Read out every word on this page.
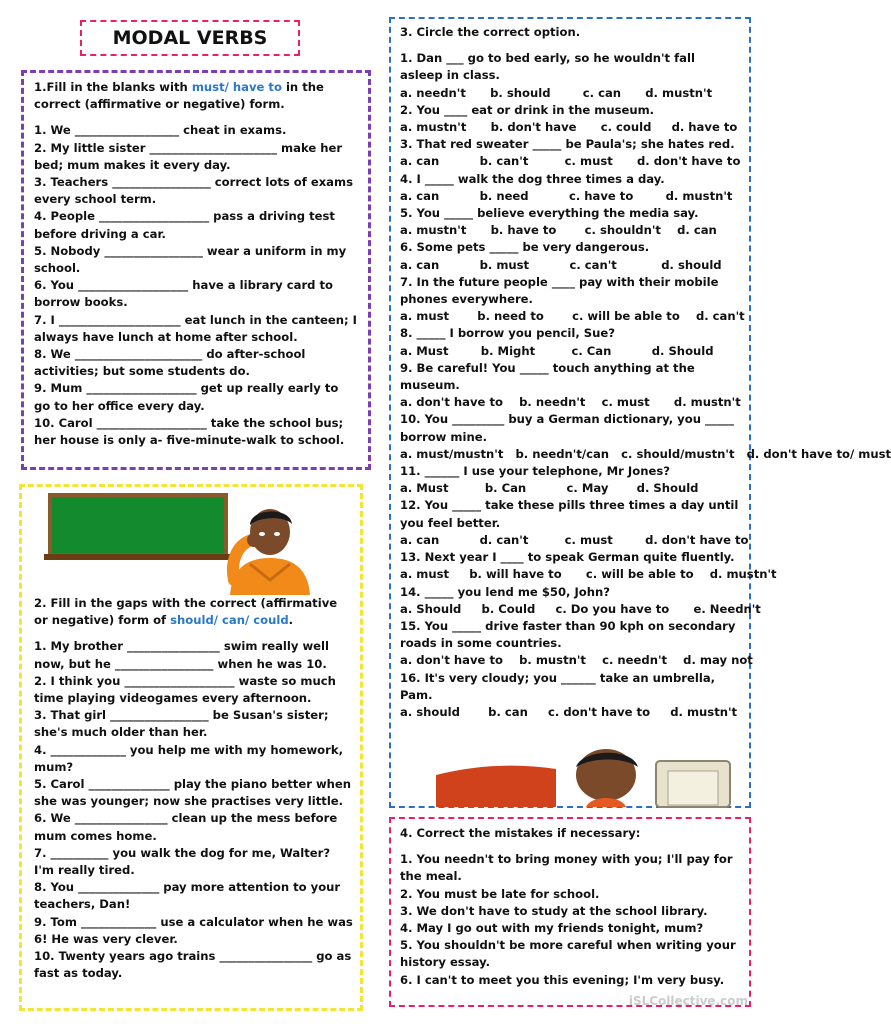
MODAL VERBS

1.Fill in the blanks with must/ have to in the correct (affirmative or negative) form.

1. We __________________ cheat in exams.

2. My little sister ______________________ make her bed; mum makes it every day.

3. Teachers _________________ correct lots of exams every school term.

4. People ___________________ pass a driving test before driving a car.

5. Nobody _________________ wear a uniform in my school.

6. You ___________________ have a library card to borrow books.

7. I _____________________ eat lunch in the canteen; I always have lunch at home after school.

8. We ______________________ do after-school activities; but some students do.

9. Mum ___________________ get up really early to go to her office every day.

10. Carol ___________________ take the school bus; her house is only a- five-minute-walk to school.

2. Fill in the gaps with the correct (affirmative or negative) form of should/ can/ could.

1. My brother ________________ swim really well now, but he _________________ when he was 10.

2. I think you ___________________ waste so much time playing videogames every afternoon.

3. That girl _________________ be Susan's sister; she's much older than her.

4. _____________ you help me with my homework, mum?

5. Carol ______________ play the piano better when she was younger; now she practises very little.

6. We ________________ clean up the mess before mum comes home.

7. __________ you walk the dog for me, Walter? I'm really tired.

8. You ______________ pay more attention to your teachers, Dan!

9. Tom _____________ use a calculator when he was 6! He was very clever.

10. Twenty years ago trains ________________ go as fast as today.

3. Circle the correct option.

1. Dan ___ go to bed early, so he wouldn't fall asleep in class.

a. needn't      b. should        c. can      d. mustn't

2. You ____ eat or drink in the museum.

a. mustn't      b. don't have      c. could     d. have to

3. That red sweater _____ be Paula's; she hates red.

a. can          b. can't         c. must      d. don't have to

4. I _____ walk the dog three times a day.

a. can          b. need          c. have to        d. mustn't

5. You _____ believe everything the media say.

a. mustn't      b. have to       c. shouldn't    d. can

6. Some pets _____ be very dangerous.

a. can          b. must          c. can't           d. should

7. In the future people ____ pay with their mobile phones everywhere.

a. must       b. need to       c. will be able to    d. can't

8. _____ I borrow you pencil, Sue?

a. Must        b. Might         c. Can          d. Should

9. Be careful! You _____ touch anything at the museum.

a. don't have to    b. needn't    c. must      d. mustn't

10. You _________ buy a German dictionary, you _____ borrow mine.

a. must/mustn't   b. needn't/can   c. should/mustn't   d. don't have to/ must

11. ______ I use your telephone, Mr Jones?

a. Must         b. Can          c. May       d. Should

12. You _____ take these pills three times a day until you feel better.

a. can          d. can't         c. must        d. don't have to

13. Next year I ____ to speak German quite fluently.

a. must     b. will have to      c. will be able to    d. mustn't

14. _____ you lend me $50, John?

a. Should     b. Could     c. Do you have to      e. Needn't

15. You _____ drive faster than 90 kph on secondary roads in some countries.

a. don't have to    b. mustn't    c. needn't    d. may not

16. It's very cloudy; you ______ take an umbrella, Pam.

a. should       b. can     c. don't have to     d. mustn't

4. Correct the mistakes if necessary:

1. You needn't to bring money with you; I'll pay for the meal.

2. You must be late for school.

3. We don't have to study at the school library.

4. May I go out with my friends tonight, mum?

5. You shouldn't be more careful when writing your history essay.

6. I can't to meet you this evening; I'm very busy.

iSLCollective.com
